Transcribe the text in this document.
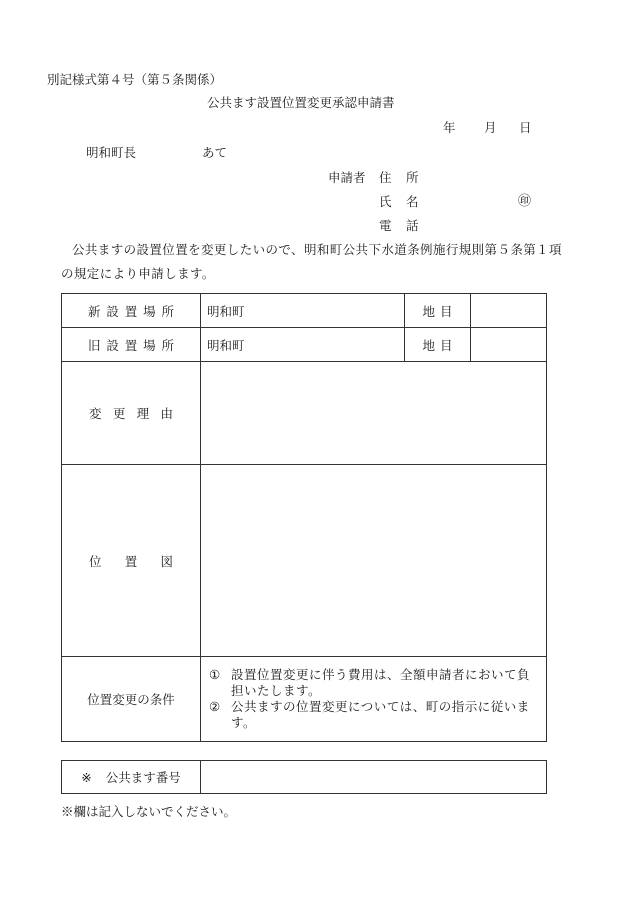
別記様式第４号（第５条関係）
公共ます設置位置変更承認申請書
年 月 日
明和町長	あて
申請者 住　所
氏　名	㊞
電　話
公共ますの設置位置を変更したいので、明和町公共下水道条例施行規則第５条第１項
の規定により申請します。
新 設 置 場 所	明和町	地 目	

旧 設 置 場 所	明和町	地 目	

変 更 理 由			

位 置 図			

位置変更の条件	① 設置位置変更に伴う費用は、全額申請者において負担いたします。
② 公共ますの位置変更については、町の指示に従います。		
※ 公共ます番号	
※欄は記入しないでください。
